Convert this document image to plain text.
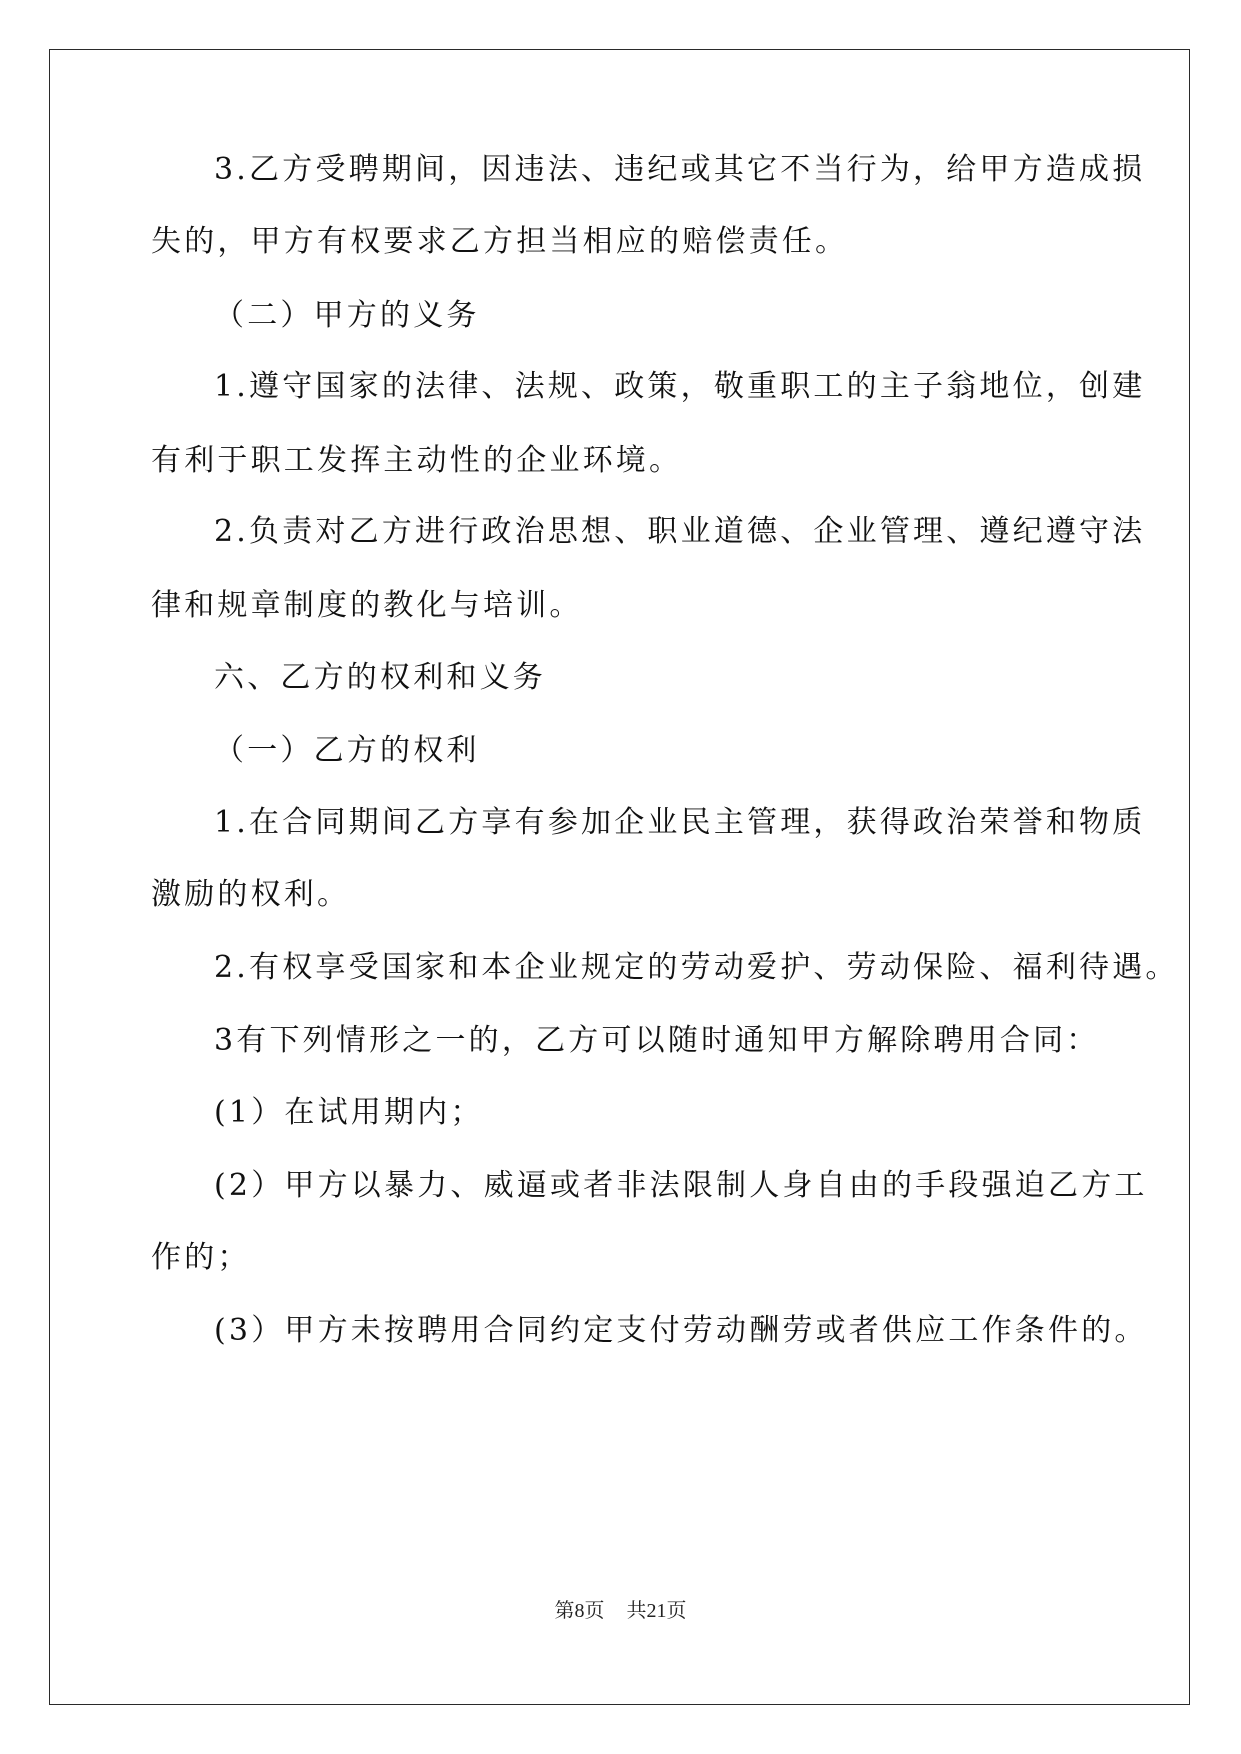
3.乙方受聘期间，因违法、违纪或其它不当行为，给甲方造成损
失的，甲方有权要求乙方担当相应的赔偿责任。
（二）甲方的义务
1.遵守国家的法律、法规、政策，敬重职工的主子翁地位，创建
有利于职工发挥主动性的企业环境。
2.负责对乙方进行政治思想、职业道德、企业管理、遵纪遵守法
律和规章制度的教化与培训。
六、乙方的权利和义务
（一）乙方的权利
1.在合同期间乙方享有参加企业民主管理，获得政治荣誉和物质
激励的权利。
2.有权享受国家和本企业规定的劳动爱护、劳动保险、福利待遇。
3有下列情形之一的，乙方可以随时通知甲方解除聘用合同：
(1）在试用期内；
(2）甲方以暴力、威逼或者非法限制人身自由的手段强迫乙方工
作的；
(3）甲方未按聘用合同约定支付劳动酬劳或者供应工作条件的。
第8页 共21页
